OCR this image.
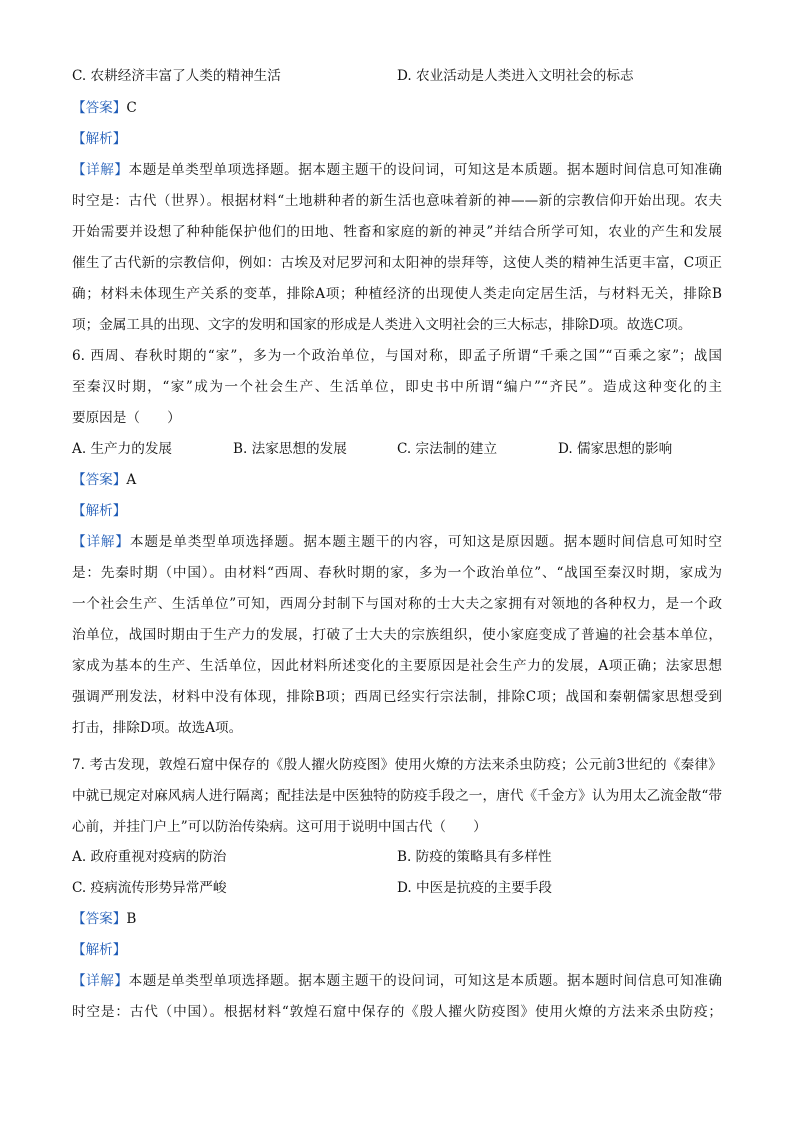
C. 农耕经济丰富了人类的精神生活	D. 农业活动是人类进入文明社会的标志
【答案】C
【解析】
【详解】本题是单类型单项选择题。据本题主题干的设问词，可知这是本质题。据本题时间信息可知准确
时空是：古代（世界）。根据材料“土地耕种者的新生活也意味着新的神——新的宗教信仰开始出现。农夫
开始需要并设想了种种能保护他们的田地、牲畜和家庭的新的神灵”并结合所学可知，农业的产生和发展
催生了古代新的宗教信仰，例如：古埃及对尼罗河和太阳神的崇拜等，这使人类的精神生活更丰富，C项正
确；材料未体现生产关系的变革，排除A项；种植经济的出现使人类走向定居生活，与材料无关，排除B
项；金属工具的出现、文字的发明和国家的形成是人类进入文明社会的三大标志，排除D项。故选C项。
6. 西周、春秋时期的“家”，多为一个政治单位，与国对称，即孟子所谓“千乘之国”“百乘之家”；战国
至秦汉时期，“家”成为一个社会生产、生活单位，即史书中所谓“编户”“齐民”。造成这种变化的主
要原因是（　　）
A. 生产力的发展	B. 法家思想的发展	C. 宗法制的建立	D. 儒家思想的影响
【答案】A
【解析】
【详解】本题是单类型单项选择题。据本题主题干的内容，可知这是原因题。据本题时间信息可知时空
是：先秦时期（中国）。由材料“西周、春秋时期的家，多为一个政治单位”、“战国至秦汉时期，家成为
一个社会生产、生活单位”可知，西周分封制下与国对称的士大夫之家拥有对领地的各种权力，是一个政
治单位，战国时期由于生产力的发展，打破了士大夫的宗族组织，使小家庭变成了普遍的社会基本单位，
家成为基本的生产、生活单位，因此材料所述变化的主要原因是社会生产力的发展，A项正确；法家思想
强调严刑发法，材料中没有体现，排除B项；西周已经实行宗法制，排除C项；战国和秦朝儒家思想受到
打击，排除D项。故选A项。
7. 考古发现，敦煌石窟中保存的《殷人擢火防疫图》使用火燎的方法来杀虫防疫；公元前3世纪的《秦律》
中就已规定对麻风病人进行隔离；配挂法是中医独特的防疫手段之一，唐代《千金方》认为用太乙流金散“带
心前，并挂门户上”可以防治传染病。这可用于说明中国古代（　　）
A. 政府重视对疫病的防治	B. 防疫的策略具有多样性
C. 疫病流传形势异常严峻	D. 中医是抗疫的主要手段
【答案】B
【解析】
【详解】本题是单类型单项选择题。据本题主题干的设问词，可知这是本质题。据本题时间信息可知准确
时空是：古代（中国）。根据材料“敦煌石窟中保存的《殷人擢火防疫图》使用火燎的方法来杀虫防疫；
